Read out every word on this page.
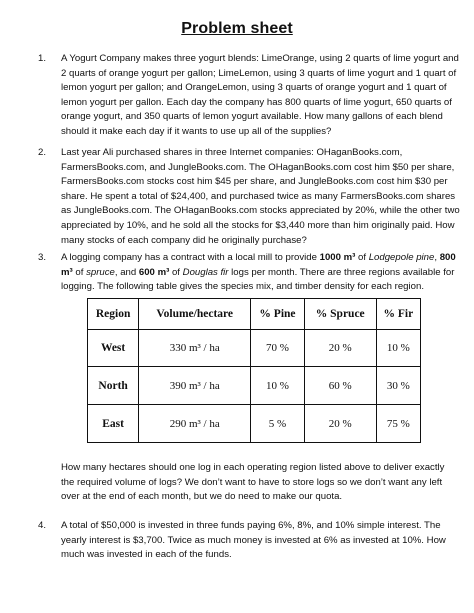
Problem sheet
1. A Yogurt Company makes three yogurt blends: LimeOrange, using 2 quarts of lime yogurt and
2 quarts of orange yogurt per gallon; LimeLemon, using 3 quarts of lime yogurt and 1 quart of
lemon yogurt per gallon; and OrangeLemon, using 3 quarts of orange yogurt and 1 quart of
lemon yogurt per gallon. Each day the company has 800 quarts of lime yogurt, 650 quarts of
orange yogurt, and 350 quarts of lemon yogurt available. How many gallons of each blend
should it make each day if it wants to use up all of the supplies?
2. Last year Ali purchased shares in three Internet companies: OHaganBooks.com,
FarmersBooks.com, and JungleBooks.com. The OHaganBooks.com cost him $50 per share,
FarmersBooks.com stocks cost him $45 per share, and JungleBooks.com cost him $30 per
share. He spent a total of $24,400, and purchased twice as many FarmersBooks.com shares
as JungleBooks.com. The OHaganBooks.com stocks appreciated by 20%, while the other two
appreciated by 10%, and he sold all the stocks for $3,440 more than him originally paid. How
many stocks of each company did he originally purchase?
3. A logging company has a contract with a local mill to provide 1000 m³ of Lodgepole pine, 800
m³ of spruce, and 600 m³ of Douglas fir logs per month. There are three regions available for
logging. The following table gives the species mix, and timber density for each region.
Region	Volume/hectare	% Pine	% Spruce	% Fir
West	330 m³ / ha	70 %	20 %	10 %
North	390 m³ / ha	10 %	60 %	30 %
East	290 m³ / ha	5 %	20 %	75 %
How many hectares should one log in each operating region listed above to deliver exactly
the required volume of logs? We don’t want to have to store logs so we don’t want any left
over at the end of each month, but we do need to make our quota.
4. A total of $50,000 is invested in three funds paying 6%, 8%, and 10% simple interest. The
yearly interest is $3,700. Twice as much money is invested at 6% as invested at 10%. How
much was invested in each of the funds.
